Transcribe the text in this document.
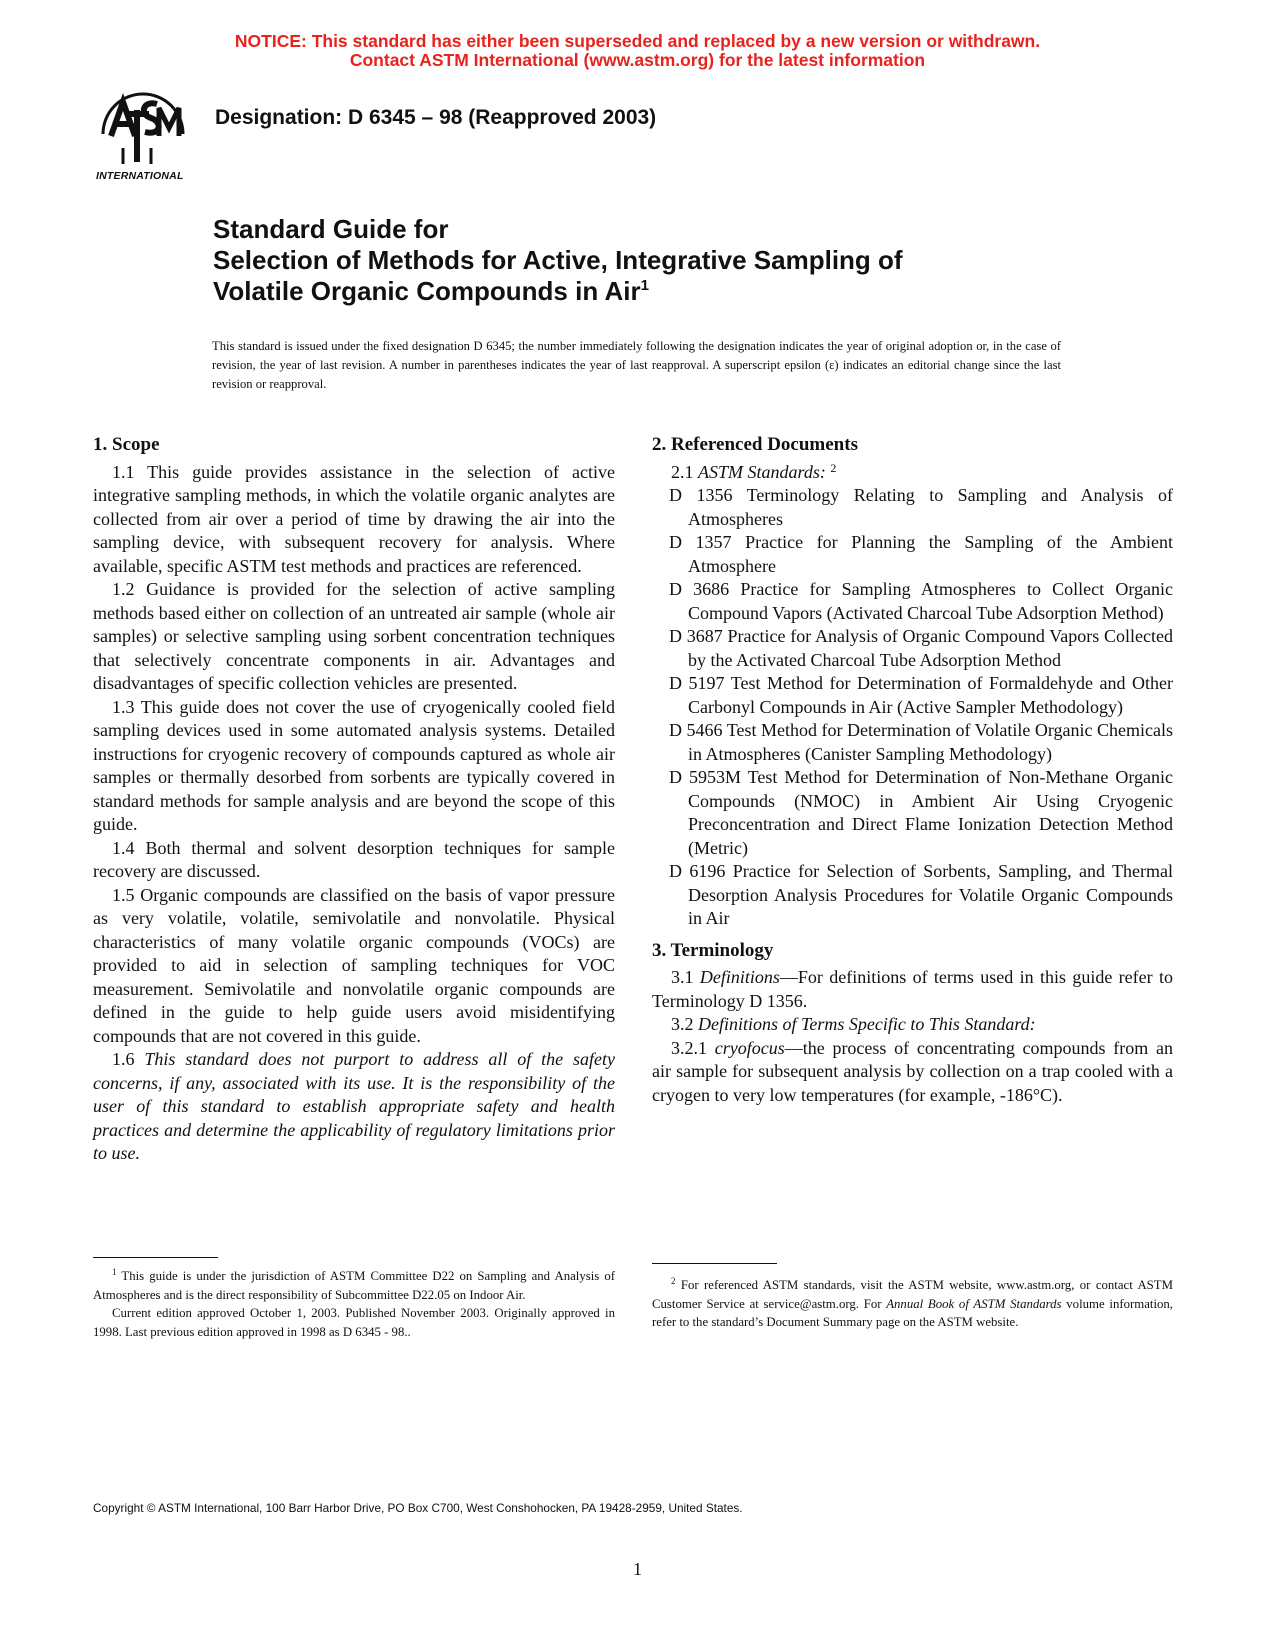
NOTICE: This standard has either been superseded and replaced by a new version or withdrawn.
Contact ASTM International (www.astm.org) for the latest information
INTERNATIONAL
Designation: D 6345 – 98 (Reapproved 2003)
Standard Guide for
Selection of Methods for Active, Integrative Sampling of
Volatile Organic Compounds in Air$^1$
This standard is issued under the fixed designation D 6345; the number immediately following the designation indicates the year of original adoption or, in the case of revision, the year of last revision. A number in parentheses indicates the year of last reapproval. A superscript epsilon (ε) indicates an editorial change since the last revision or reapproval.
1. Scope

1.1 This guide provides assistance in the selection of active integrative sampling methods, in which the volatile organic analytes are collected from air over a period of time by drawing the air into the sampling device, with subsequent recovery for analysis. Where available, specific ASTM test methods and practices are referenced.

1.2 Guidance is provided for the selection of active sampling methods based either on collection of an untreated air sample (whole air samples) or selective sampling using sorbent concentration techniques that selectively concentrate components in air. Advantages and disadvantages of specific collection vehicles are presented.

1.3 This guide does not cover the use of cryogenically cooled field sampling devices used in some automated analysis systems. Detailed instructions for cryogenic recovery of compounds captured as whole air samples or thermally desorbed from sorbents are typically covered in standard methods for sample analysis and are beyond the scope of this guide.

1.4 Both thermal and solvent desorption techniques for sample recovery are discussed.

1.5 Organic compounds are classified on the basis of vapor pressure as very volatile, volatile, semivolatile and nonvolatile. Physical characteristics of many volatile organic compounds (VOCs) are provided to aid in selection of sampling techniques for VOC measurement. Semivolatile and nonvolatile organic compounds are defined in the guide to help guide users avoid misidentifying compounds that are not covered in this guide.

1.6 This standard does not purport to address all of the safety concerns, if any, associated with its use. It is the responsibility of the user of this standard to establish appropriate safety and health practices and determine the applicability of regulatory limitations prior to use.

2. Referenced Documents

2.1 ASTM Standards: $^2$

D 1356 Terminology Relating to Sampling and Analysis of Atmospheres

D 1357 Practice for Planning the Sampling of the Ambient Atmosphere

D 3686 Practice for Sampling Atmospheres to Collect Organic Compound Vapors (Activated Charcoal Tube Adsorption Method)

D 3687 Practice for Analysis of Organic Compound Vapors Collected by the Activated Charcoal Tube Adsorption Method

D 5197 Test Method for Determination of Formaldehyde and Other Carbonyl Compounds in Air (Active Sampler Methodology)

D 5466 Test Method for Determination of Volatile Organic Chemicals in Atmospheres (Canister Sampling Methodology)

D 5953M Test Method for Determination of Non-Methane Organic Compounds (NMOC) in Ambient Air Using Cryogenic Preconcentration and Direct Flame Ionization Detection Method (Metric)

D 6196 Practice for Selection of Sorbents, Sampling, and Thermal Desorption Analysis Procedures for Volatile Organic Compounds in Air

3. Terminology

3.1 Definitions—For definitions of terms used in this guide refer to Terminology D 1356.

3.2 Definitions of Terms Specific to This Standard:

3.2.1 cryofocus—the process of concentrating compounds from an air sample for subsequent analysis by collection on a trap cooled with a cryogen to very low temperatures (for example, -186°C).

$^1$ This guide is under the jurisdiction of ASTM Committee D22 on Sampling and Analysis of Atmospheres and is the direct responsibility of Subcommittee D22.05 on Indoor Air.

Current edition approved October 1, 2003. Published November 2003. Originally approved in 1998. Last previous edition approved in 1998 as D 6345 - 98..

$^2$ For referenced ASTM standards, visit the ASTM website, www.astm.org, or contact ASTM Customer Service at service@astm.org. For Annual Book of ASTM Standards volume information, refer to the standard’s Document Summary page on the ASTM website.

Copyright © ASTM International, 100 Barr Harbor Drive, PO Box C700, West Conshohocken, PA 19428-2959, United States.
1
